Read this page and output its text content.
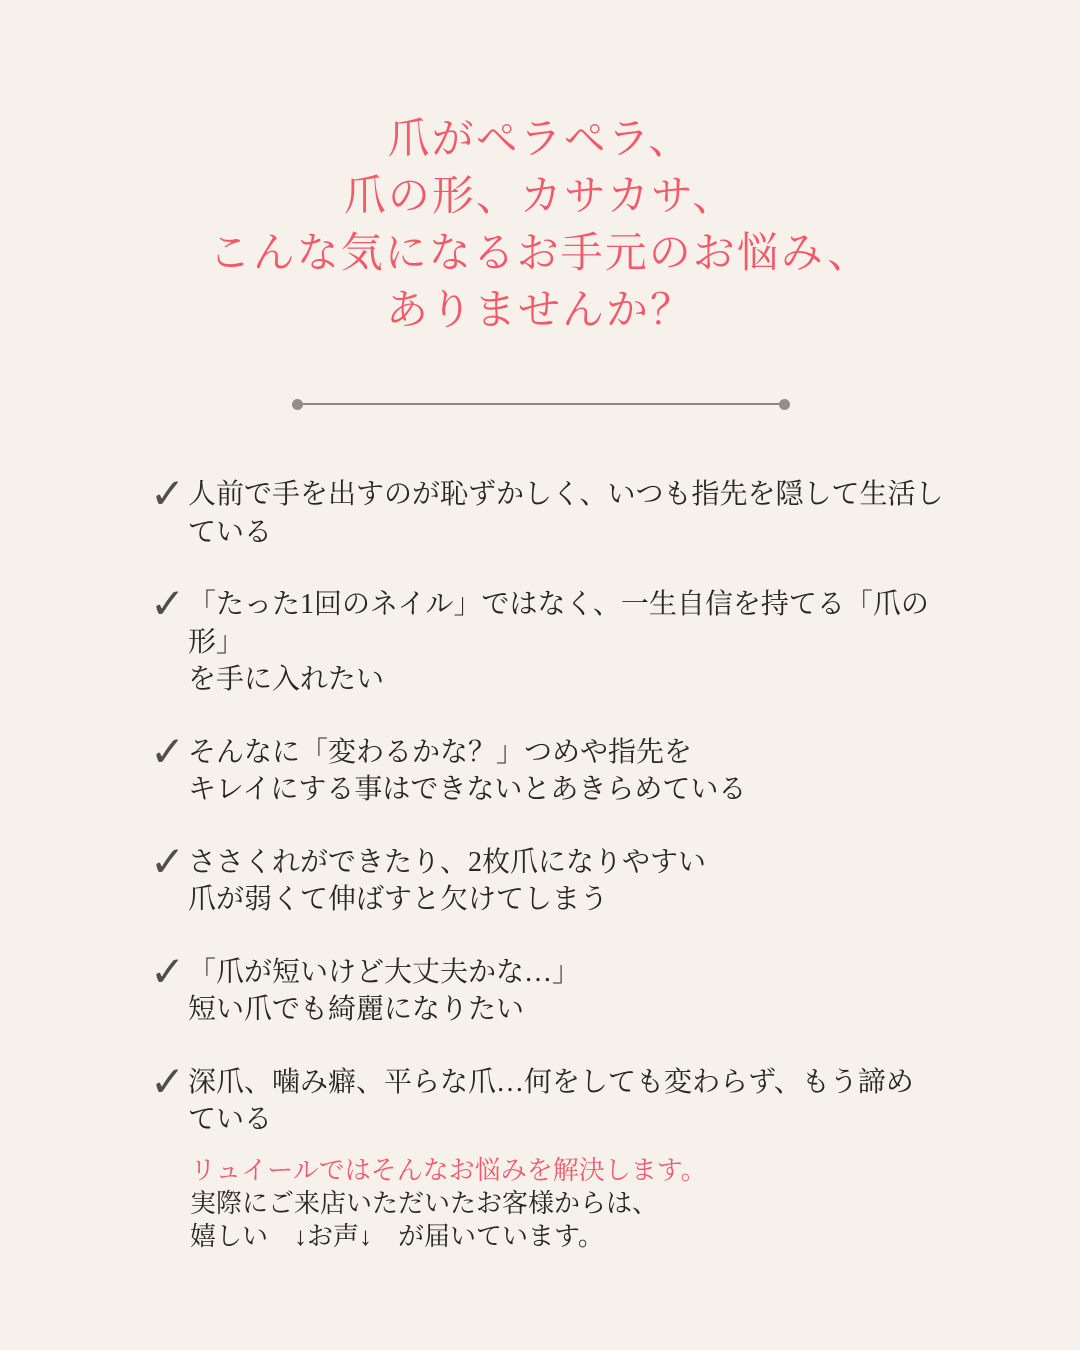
爪がペラペラ、
爪の形、カサカサ、
こんな気になるお手元のお悩み、
ありませんか？
✓ 人前で手を出すのが恥ずかしく、いつも指先を隠して生活し
ている
✓ 「たった1回のネイル」ではなく、一生自信を持てる「爪の形」
を手に入れたい
✓ そんなに「変わるかな？」つめや指先を
キレイにする事はできないとあきらめている
✓ ささくれができたり、2枚爪になりやすい
爪が弱くて伸ばすと欠けてしまう
✓ 「爪が短いけど大丈夫かな…」
短い爪でも綺麗になりたい
✓ 深爪、噛み癖、平らな爪…何をしても変わらず、もう諦め
ている
リュイールではそんなお悩みを解決します。
実際にご来店いただいたお客様からは、
嬉しい　↓お声↓　が届いています。
